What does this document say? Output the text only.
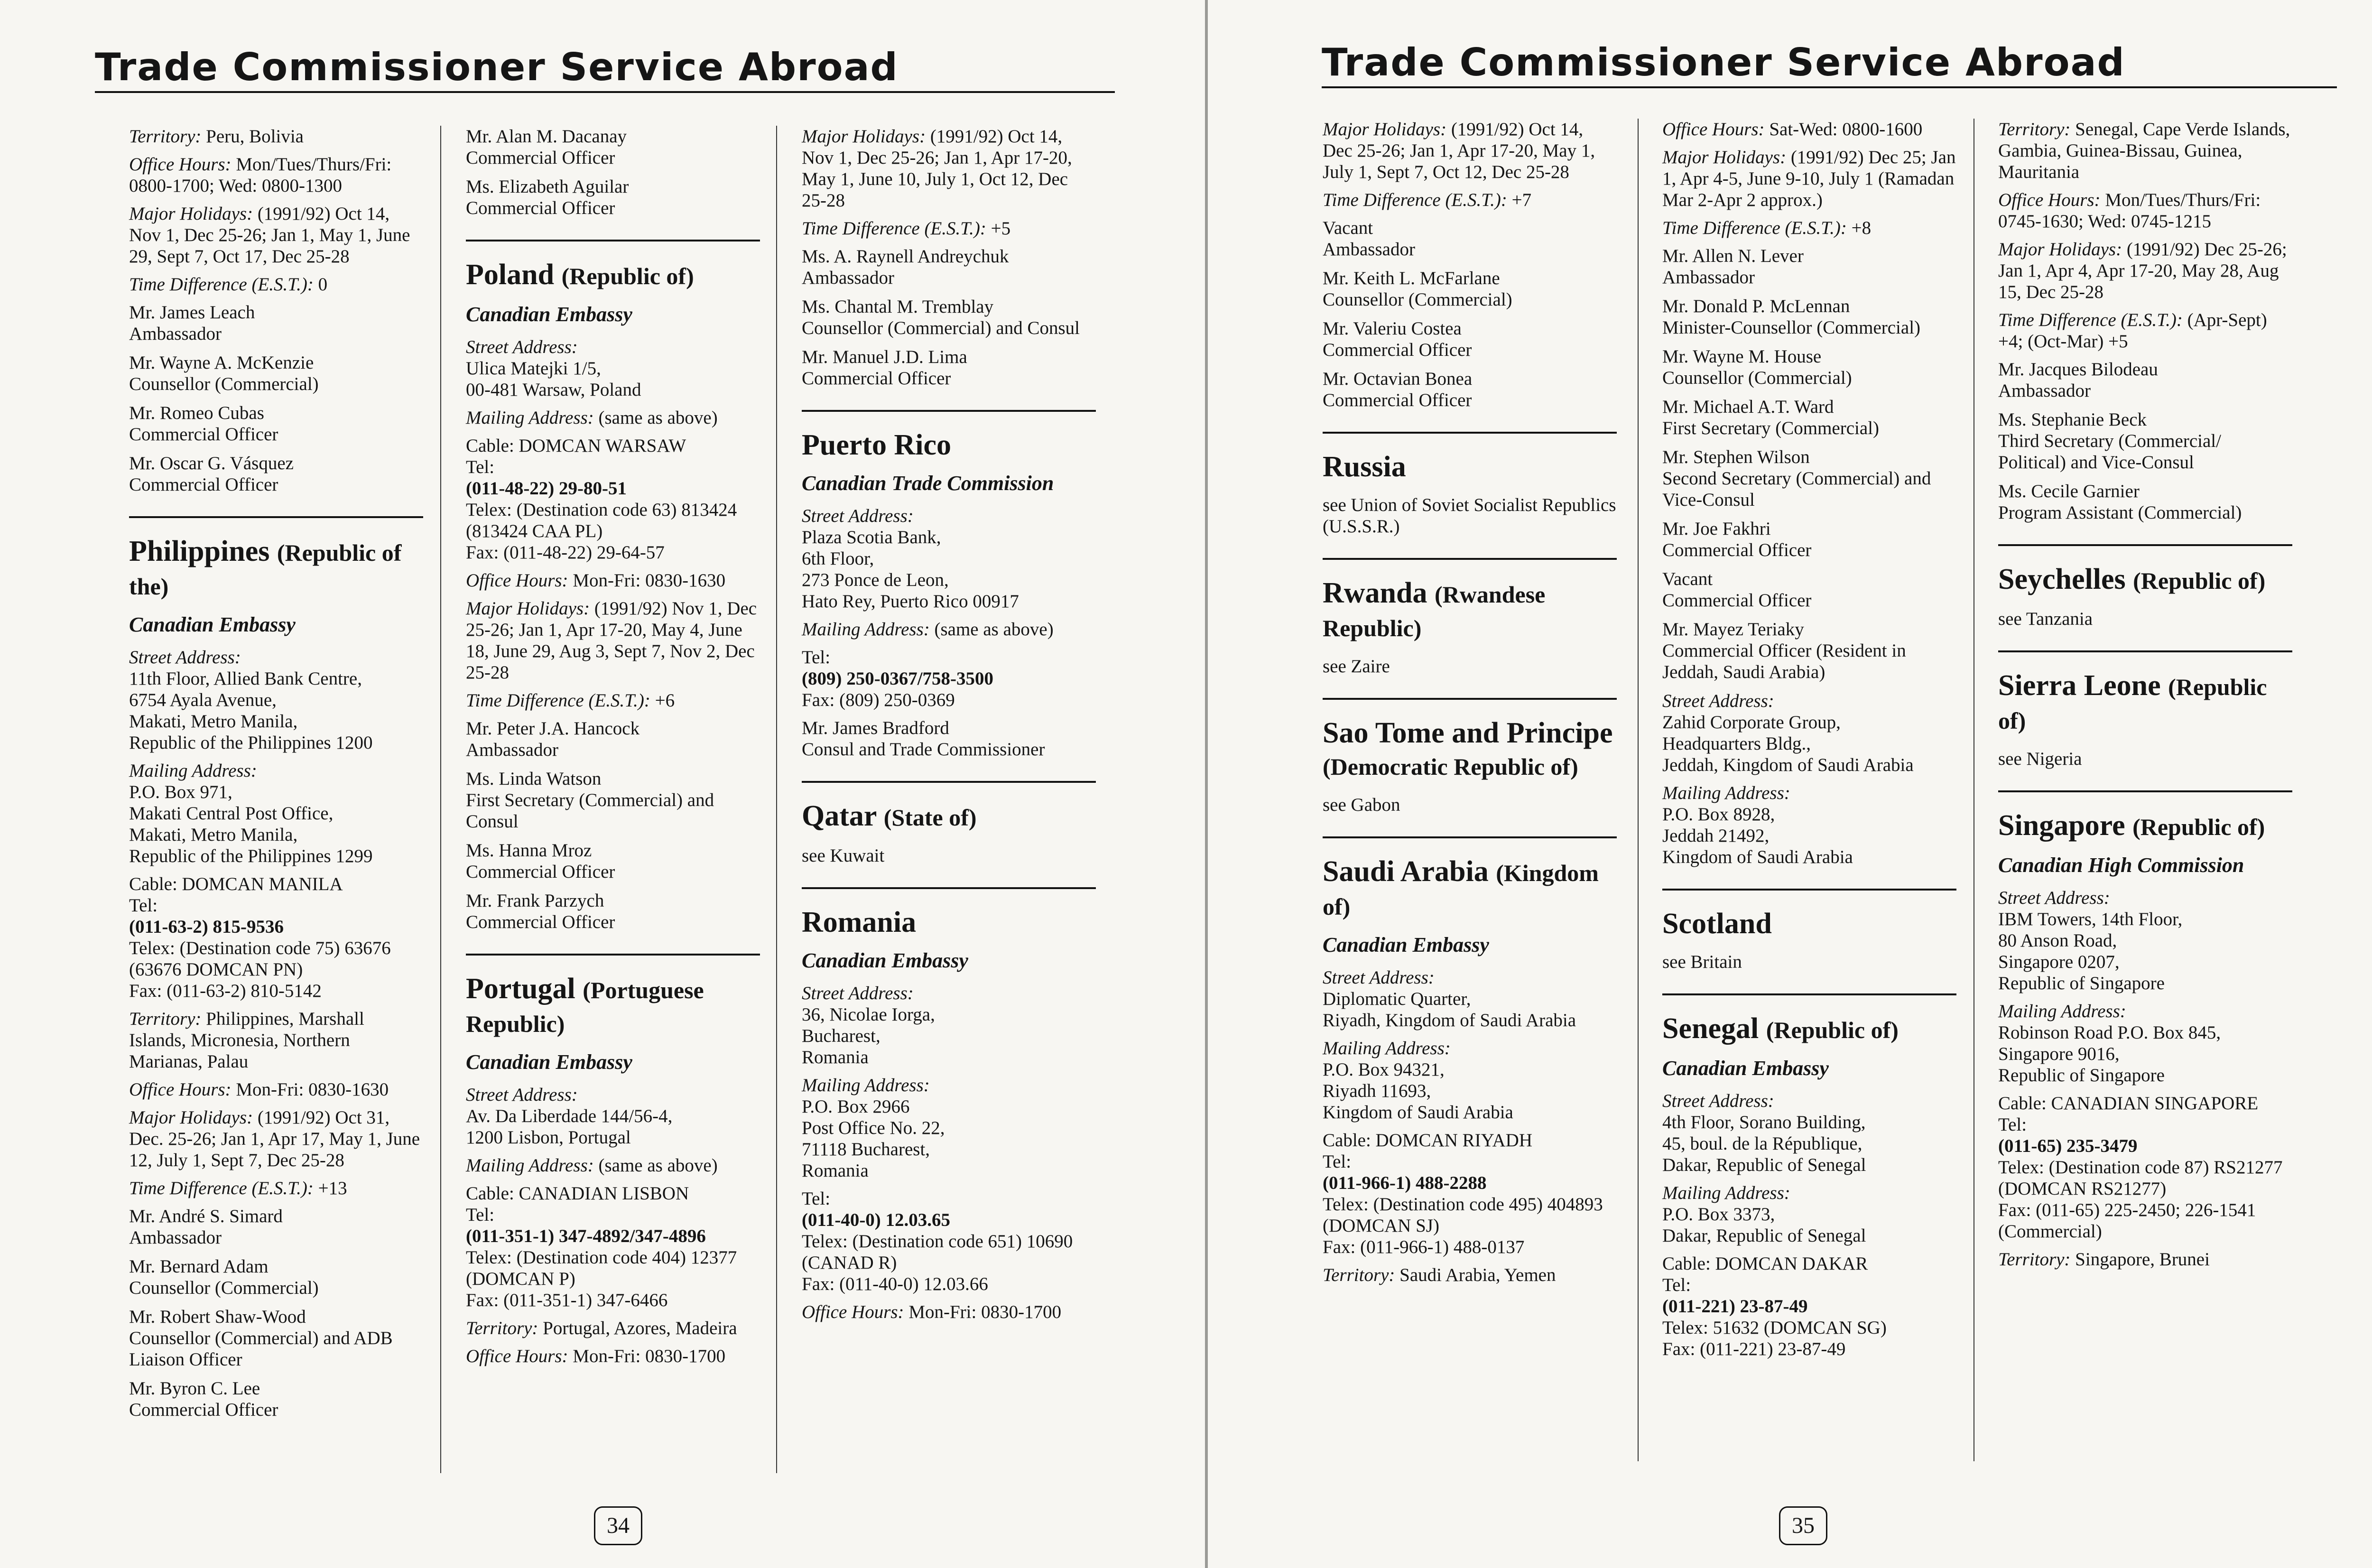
Trade Commissioner Service Abroad

Territory: Peru, Bolivia

Office Hours: Mon/Tues/Thurs/Fri: 0800-1700; Wed: 0800-1300

Major Holidays: (1991/92) Oct 14, Nov 1, Dec 25-26; Jan 1, May 1, June 29, Sept 7, Oct 17, Dec 25-28

Time Difference (E.S.T.): 0

Mr. James Leach
Ambassador
Mr. Wayne A. McKenzie
Counsellor (Commercial)
Mr. Romeo Cubas
Commercial Officer
Mr. Oscar G. Vásquez
Commercial Officer
Philippines (Republic of the)

Canadian Embassy

Street Address:
11th Floor, Allied Bank Centre,
6754 Ayala Avenue,
Makati, Metro Manila,
Republic of the Philippines 1200
Mailing Address:
P.O. Box 971,
Makati Central Post Office,
Makati, Metro Manila,
Republic of the Philippines 1299
Cable: DOMCAN MANILA
Tel:
(011-63-2) 815-9536
Telex: (Destination code 75) 63676
(63676 DOMCAN PN)
Fax: (011-63-2) 810-5142

Territory: Philippines, Marshall Islands, Micronesia, Northern Marianas, Palau

Office Hours: Mon-Fri: 0830-1630

Major Holidays: (1991/92) Oct 31, Dec. 25-26; Jan 1, Apr 17, May 1, June 12, July 1, Sept 7, Dec 25-28

Time Difference (E.S.T.): +13

Mr. André S. Simard
Ambassador
Mr. Bernard Adam
Counsellor (Commercial)
Mr. Robert Shaw-Wood
Counsellor (Commercial) and ADB Liaison Officer
Mr. Byron C. Lee
Commercial Officer
Mr. Alan M. Dacanay
Commercial Officer
Ms. Elizabeth Aguilar
Commercial Officer
Poland (Republic of)

Canadian Embassy

Street Address:
Ulica Matejki 1/5,
00-481 Warsaw, Poland

Mailing Address: (same as above)

Cable: DOMCAN WARSAW
Tel:
(011-48-22) 29-80-51
Telex: (Destination code 63) 813424
(813424 CAA PL)
Fax: (011-48-22) 29-64-57

Office Hours: Mon-Fri: 0830-1630

Major Holidays: (1991/92) Nov 1, Dec 25-26; Jan 1, Apr 17-20, May 4, June 18, June 29, Aug 3, Sept 7, Nov 2, Dec 25-28

Time Difference (E.S.T.): +6

Mr. Peter J.A. Hancock
Ambassador
Ms. Linda Watson
First Secretary (Commercial) and Consul
Ms. Hanna Mroz
Commercial Officer
Mr. Frank Parzych
Commercial Officer
Portugal (Portuguese Republic)

Canadian Embassy

Street Address:
Av. Da Liberdade 144/56-4,
1200 Lisbon, Portugal

Mailing Address: (same as above)

Cable: CANADIAN LISBON
Tel:
(011-351-1) 347-4892/347-4896
Telex: (Destination code 404) 12377
(DOMCAN P)
Fax: (011-351-1) 347-6466

Territory: Portugal, Azores, Madeira

Office Hours: Mon-Fri: 0830-1700

Major Holidays: (1991/92) Oct 14, Nov 1, Dec 25-26; Jan 1, Apr 17-20, May 1, June 10, July 1, Oct 12, Dec 25-28

Time Difference (E.S.T.): +5

Ms. A. Raynell Andreychuk
Ambassador
Ms. Chantal M. Tremblay
Counsellor (Commercial) and Consul
Mr. Manuel J.D. Lima
Commercial Officer
Puerto Rico

Canadian Trade Commission

Street Address:
Plaza Scotia Bank,
6th Floor,
273 Ponce de Leon,
Hato Rey, Puerto Rico 00917

Mailing Address: (same as above)

Tel:
(809) 250-0367/758-3500
Fax: (809) 250-0369
Mr. James Bradford
Consul and Trade Commissioner
Qatar (State of)

see Kuwait

Romania

Canadian Embassy

Street Address:
36, Nicolae Iorga,
Bucharest,
Romania
Mailing Address:
P.O. Box 2966
Post Office No. 22,
71118 Bucharest,
Romania
Tel:
(011-40-0) 12.03.65
Telex: (Destination code 651) 10690
(CANAD R)
Fax: (011-40-0) 12.03.66

Office Hours: Mon-Fri: 0830-1700

34
Trade Commissioner Service Abroad

Major Holidays: (1991/92) Oct 14, Dec 25-26; Jan 1, Apr 17-20, May 1, July 1, Sept 7, Oct 12, Dec 25-28

Time Difference (E.S.T.): +7

Vacant
Ambassador
Mr. Keith L. McFarlane
Counsellor (Commercial)
Mr. Valeriu Costea
Commercial Officer
Mr. Octavian Bonea
Commercial Officer
Russia

see Union of Soviet Socialist Republics (U.S.S.R.)

Rwanda (Rwandese Republic)

see Zaire

Sao Tome and Principe (Democratic Republic of)

see Gabon

Saudi Arabia (Kingdom of)

Canadian Embassy

Street Address:
Diplomatic Quarter,
Riyadh, Kingdom of Saudi Arabia
Mailing Address:
P.O. Box 94321,
Riyadh 11693,
Kingdom of Saudi Arabia
Cable: DOMCAN RIYADH
Tel:
(011-966-1) 488-2288
Telex: (Destination code 495) 404893
(DOMCAN SJ)
Fax: (011-966-1) 488-0137

Territory: Saudi Arabia, Yemen

Office Hours: Sat-Wed: 0800-1600

Major Holidays: (1991/92) Dec 25; Jan 1, Apr 4-5, June 9-10, July 1 (Ramadan Mar 2-Apr 2 approx.)

Time Difference (E.S.T.): +8

Mr. Allen N. Lever
Ambassador
Mr. Donald P. McLennan
Minister-Counsellor (Commercial)
Mr. Wayne M. House
Counsellor (Commercial)
Mr. Michael A.T. Ward
First Secretary (Commercial)
Mr. Stephen Wilson
Second Secretary (Commercial) and Vice-Consul
Mr. Joe Fakhri
Commercial Officer
Vacant
Commercial Officer
Mr. Mayez Teriaky
Commercial Officer (Resident in Jeddah, Saudi Arabia)
Street Address:
Zahid Corporate Group,
Headquarters Bldg.,
Jeddah, Kingdom of Saudi Arabia
Mailing Address:
P.O. Box 8928,
Jeddah 21492,
Kingdom of Saudi Arabia
Scotland

see Britain

Senegal (Republic of)

Canadian Embassy

Street Address:
4th Floor, Sorano Building,
45, boul. de la République,
Dakar, Republic of Senegal
Mailing Address:
P.O. Box 3373,
Dakar, Republic of Senegal
Cable: DOMCAN DAKAR
Tel:
(011-221) 23-87-49
Telex: 51632 (DOMCAN SG)
Fax: (011-221) 23-87-49

Territory: Senegal, Cape Verde Islands, Gambia, Guinea-Bissau, Guinea, Mauritania

Office Hours: Mon/Tues/Thurs/Fri: 0745-1630; Wed: 0745-1215

Major Holidays: (1991/92) Dec 25-26; Jan 1, Apr 4, Apr 17-20, May 28, Aug 15, Dec 25-28

Time Difference (E.S.T.): (Apr-Sept) +4; (Oct-Mar) +5

Mr. Jacques Bilodeau
Ambassador
Ms. Stephanie Beck
Third Secretary (Commercial/ Political) and Vice-Consul
Ms. Cecile Garnier
Program Assistant (Commercial)
Seychelles (Republic of)

see Tanzania

Sierra Leone (Republic of)

see Nigeria

Singapore (Republic of)

Canadian High Commission

Street Address:
IBM Towers, 14th Floor,
80 Anson Road,
Singapore 0207,
Republic of Singapore
Mailing Address:
Robinson Road P.O. Box 845,
Singapore 9016,
Republic of Singapore
Cable: CANADIAN SINGAPORE
Tel:
(011-65) 235-3479
Telex: (Destination code 87) RS21277
(DOMCAN RS21277)
Fax: (011-65) 225-2450; 226-1541 (Commercial)

Territory: Singapore, Brunei

35
